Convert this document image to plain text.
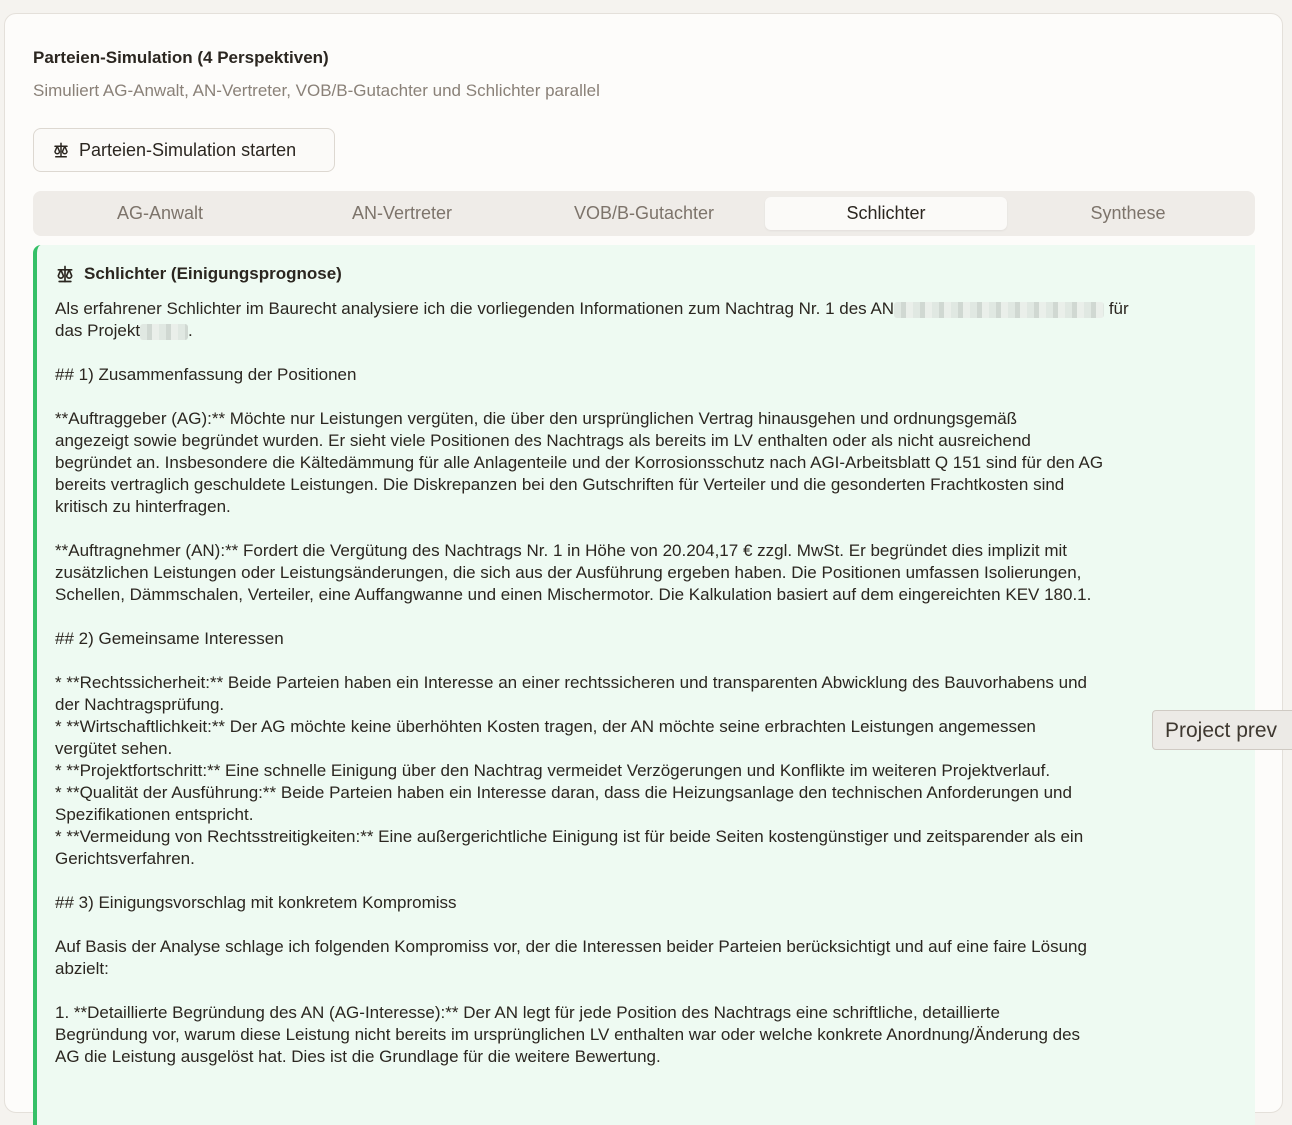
Parteien-Simulation (4 Perspektiven)
Simuliert AG-Anwalt, AN-Vertreter, VOB/B-Gutachter und Schlichter parallel
Parteien-Simulation starten
AG-Anwalt	AN-Vertreter	VOB/B-Gutachter	Schlichter	Synthese
Schlichter (Einigungsprognose)
Als erfahrener Schlichter im Baurecht analysiere ich die vorliegenden Informationen zum Nachtrag Nr. 1 des AN	für
das Projekt	.

## 1) Zusammenfassung der Positionen

**Auftraggeber (AG):** Möchte nur Leistungen vergüten, die über den ursprünglichen Vertrag hinausgehen und ordnungsgemäß
angezeigt sowie begründet wurden. Er sieht viele Positionen des Nachtrags als bereits im LV enthalten oder als nicht ausreichend
begründet an. Insbesondere die Kältedämmung für alle Anlagenteile und der Korrosionsschutz nach AGI-Arbeitsblatt Q 151 sind für den AG
bereits vertraglich geschuldete Leistungen. Die Diskrepanzen bei den Gutschriften für Verteiler und die gesonderten Frachtkosten sind
kritisch zu hinterfragen.

**Auftragnehmer (AN):** Fordert die Vergütung des Nachtrags Nr. 1 in Höhe von 20.204,17 € zzgl. MwSt. Er begründet dies implizit mit
zusätzlichen Leistungen oder Leistungsänderungen, die sich aus der Ausführung ergeben haben. Die Positionen umfassen Isolierungen,
Schellen, Dämmschalen, Verteiler, eine Auffangwanne und einen Mischermotor. Die Kalkulation basiert auf dem eingereichten KEV 180.1.

## 2) Gemeinsame Interessen

* **Rechtssicherheit:** Beide Parteien haben ein Interesse an einer rechtssicheren und transparenten Abwicklung des Bauvorhabens und
der Nachtragsprüfung.
* **Wirtschaftlichkeit:** Der AG möchte keine überhöhten Kosten tragen, der AN möchte seine erbrachten Leistungen angemessen
vergütet sehen.
* **Projektfortschritt:** Eine schnelle Einigung über den Nachtrag vermeidet Verzögerungen und Konflikte im weiteren Projektverlauf.
* **Qualität der Ausführung:** Beide Parteien haben ein Interesse daran, dass die Heizungsanlage den technischen Anforderungen und
Spezifikationen entspricht.
* **Vermeidung von Rechtsstreitigkeiten:** Eine außergerichtliche Einigung ist für beide Seiten kostengünstiger und zeitsparender als ein
Gerichtsverfahren.

## 3) Einigungsvorschlag mit konkretem Kompromiss

Auf Basis der Analyse schlage ich folgenden Kompromiss vor, der die Interessen beider Parteien berücksichtigt und auf eine faire Lösung
abzielt:

1. **Detaillierte Begründung des AN (AG-Interesse):** Der AN legt für jede Position des Nachtrags eine schriftliche, detaillierte
Begründung vor, warum diese Leistung nicht bereits im ursprünglichen LV enthalten war oder welche konkrete Anordnung/Änderung des
AG die Leistung ausgelöst hat. Dies ist die Grundlage für die weitere Bewertung.
Project prev
